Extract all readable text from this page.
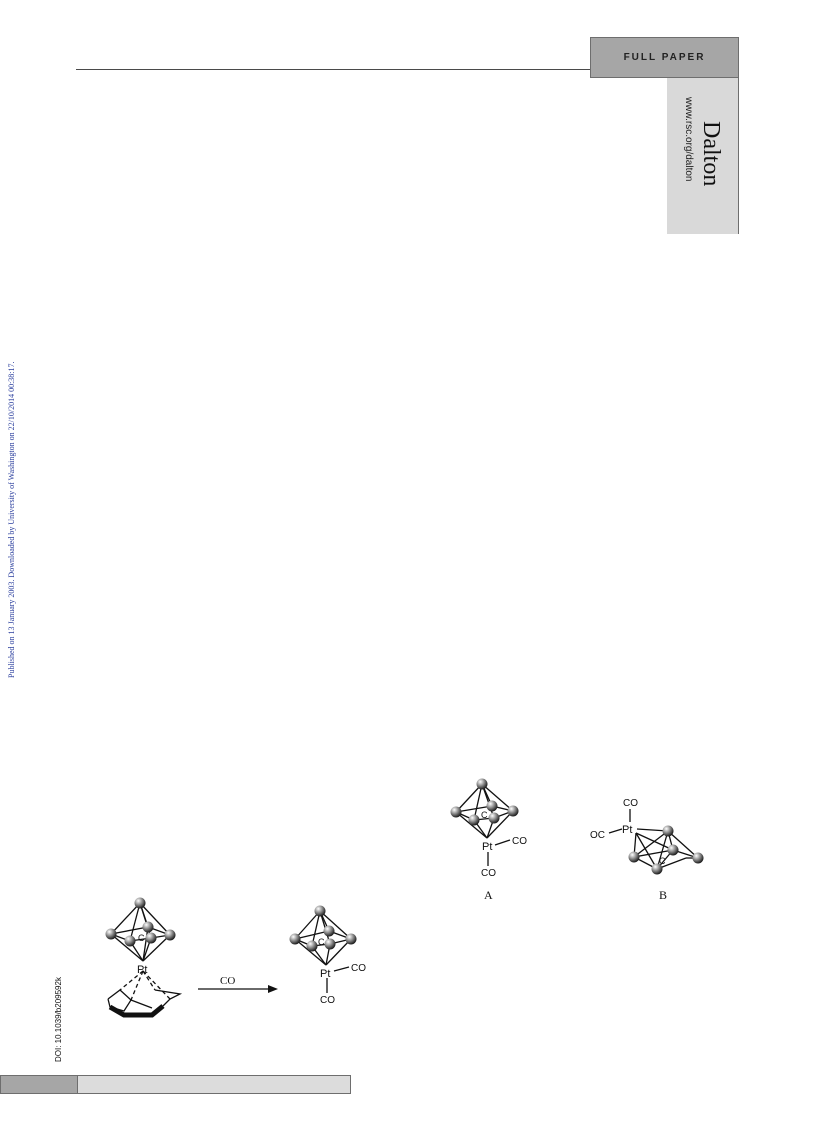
FULL PAPER
Dalton
www.rsc.org/dalton
Published on 13 January 2003. Downloaded by University of Washington on 22/10/2014 00:38:17.
DOI: 10.1039/b209592k
C
Pt
CO
C
Pt CO
CO
C
Pt CO
CO
A
C
Pt
CO
OC
B
